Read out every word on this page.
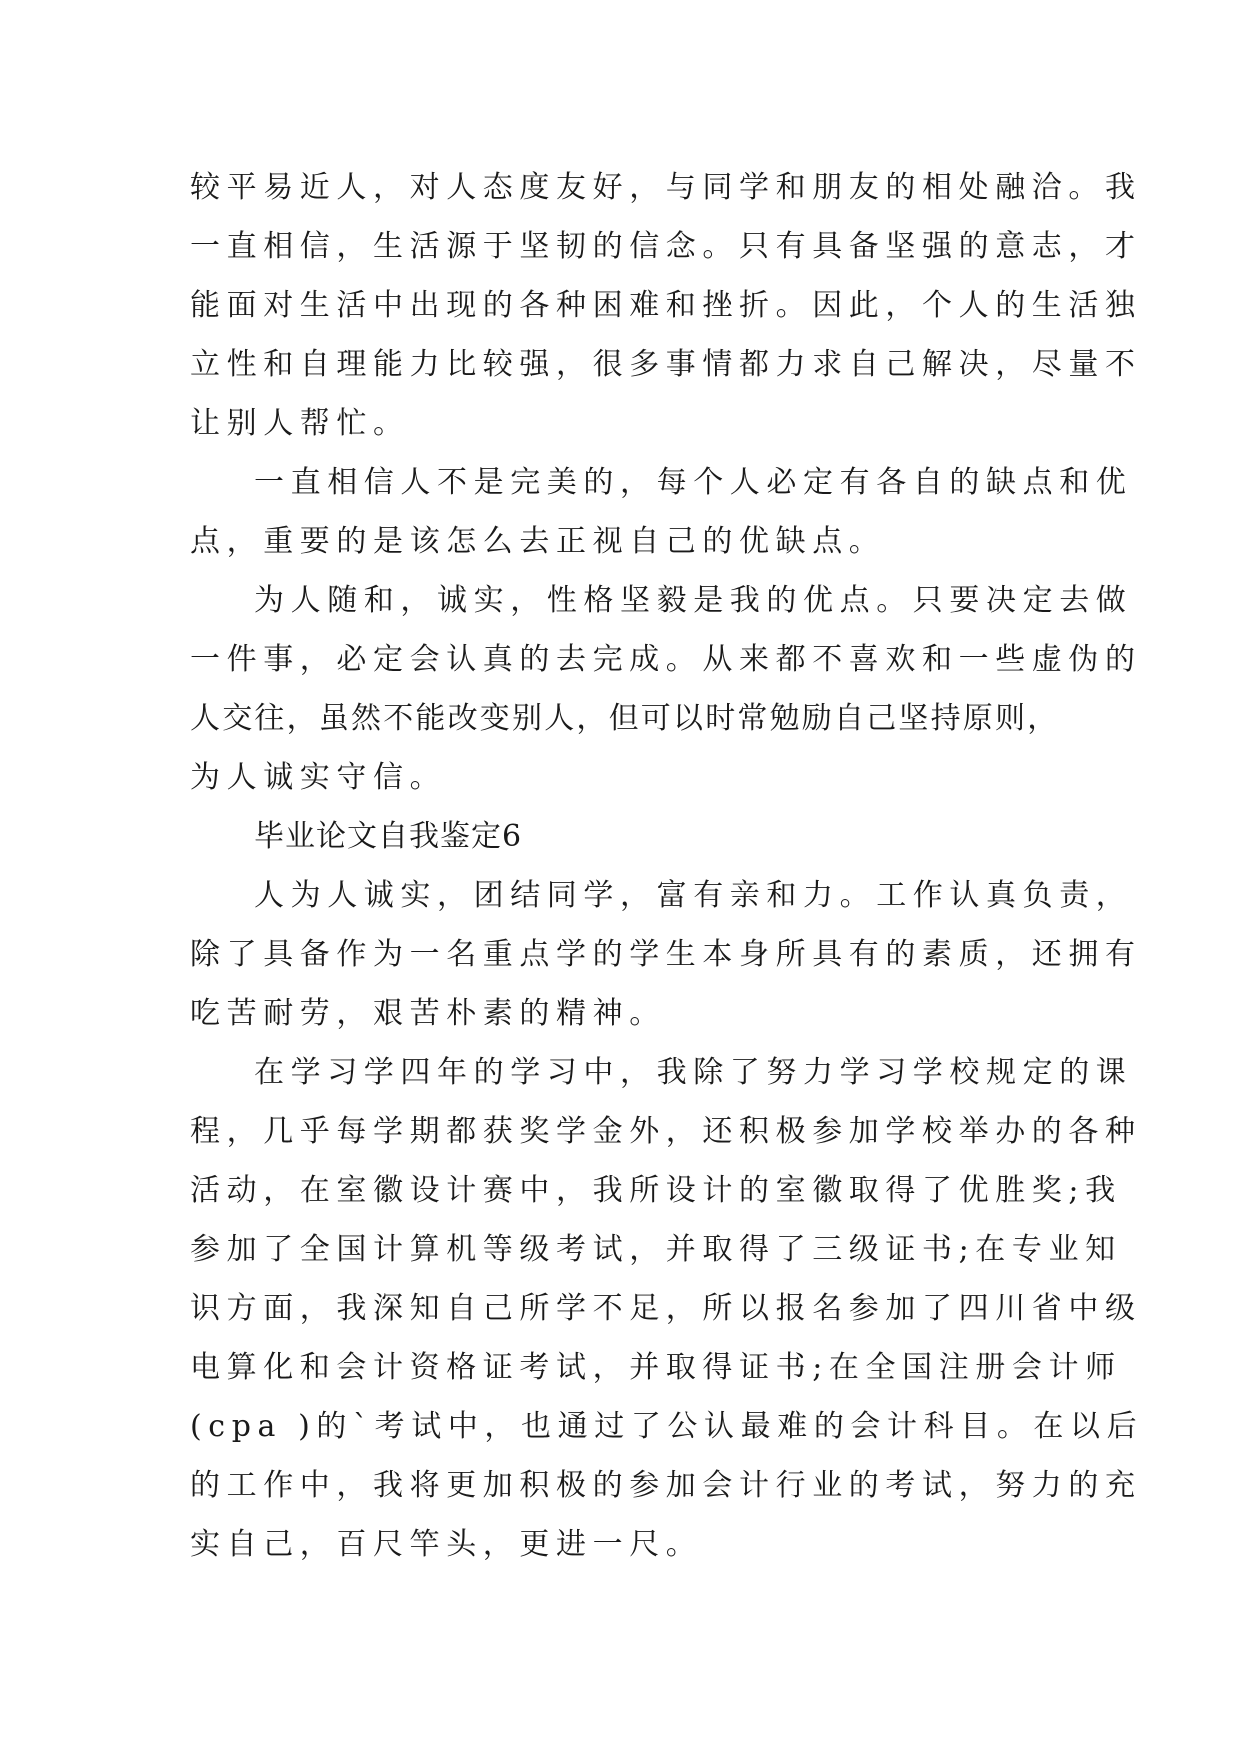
较平易近人，对人态度友好，与同学和朋友的相处融洽。我
一直相信，生活源于坚韧的信念。只有具备坚强的意志，才
能面对生活中出现的各种困难和挫折。因此，个人的生活独
立性和自理能力比较强，很多事情都力求自己解决，尽量不
让别人帮忙。
一直相信人不是完美的，每个人必定有各自的缺点和优
点，重要的是该怎么去正视自己的优缺点。
为人随和，诚实，性格坚毅是我的优点。只要决定去做
一件事，必定会认真的去完成。从来都不喜欢和一些虚伪的
人交往，虽然不能改变别人，但可以时常勉励自己坚持原则，
为人诚实守信。
毕业论文自我鉴定6
人为人诚实，团结同学，富有亲和力。工作认真负责，
除了具备作为一名重点学的学生本身所具有的素质，还拥有
吃苦耐劳，艰苦朴素的精神。
在学习学四年的学习中，我除了努力学习学校规定的课
程，几乎每学期都获奖学金外，还积极参加学校举办的各种
活动，在室徽设计赛中，我所设计的室徽取得了优胜奖;我
参加了全国计算机等级考试，并取得了三级证书;在专业知
识方面，我深知自己所学不足，所以报名参加了四川省中级
电算化和会计资格证考试，并取得证书;在全国注册会计师
(cpa )的`考试中，也通过了公认最难的会计科目。在以后
的工作中，我将更加积极的参加会计行业的考试，努力的充
实自己，百尺竿头，更进一尺。
